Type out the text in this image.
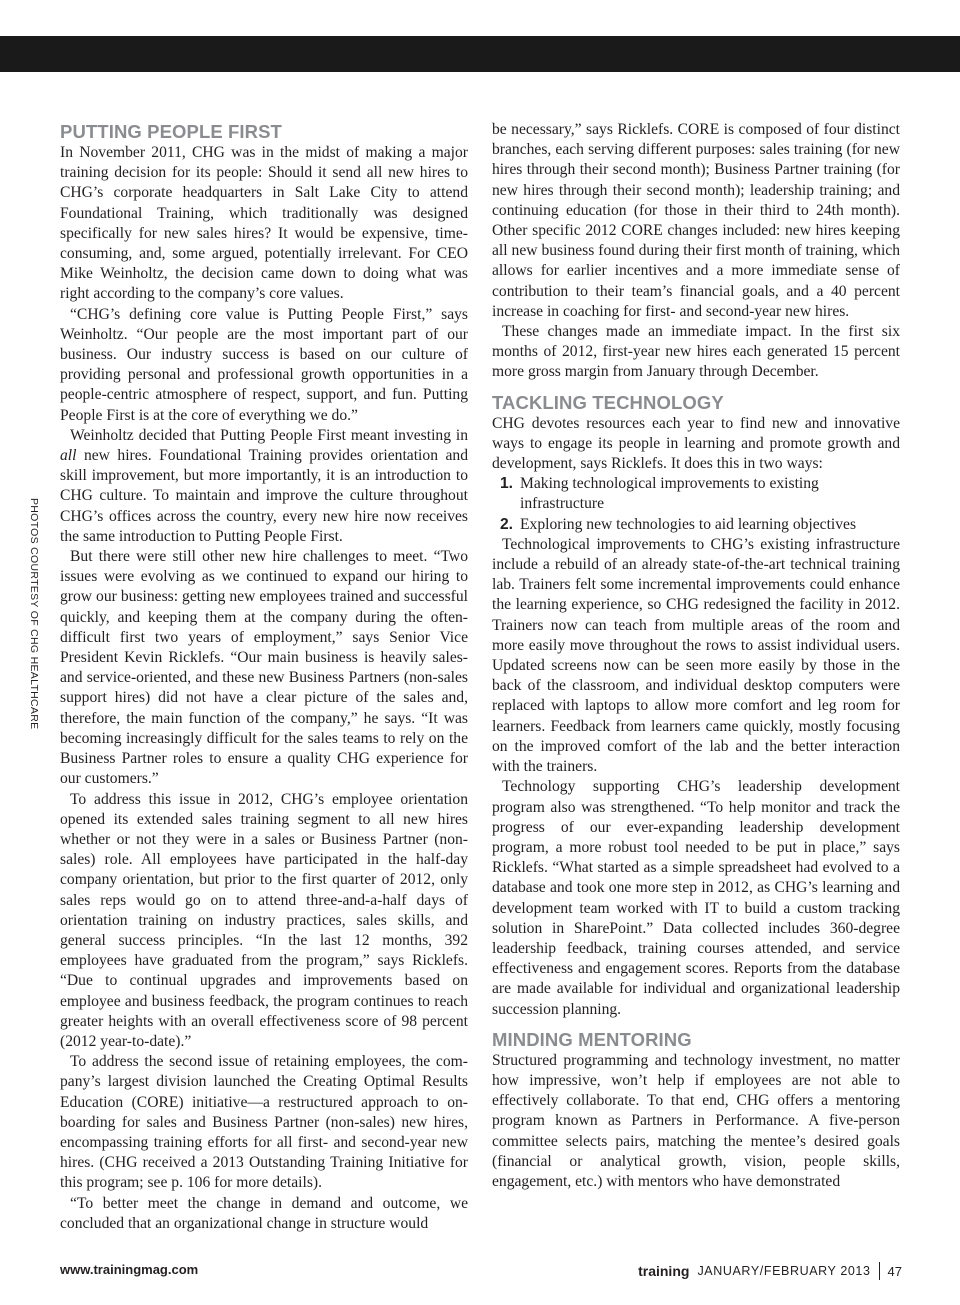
PHOTOS COURTESY OF CHG HEALTHCARE
PUTTING PEOPLE FIRST

In November 2011, CHG was in the midst of making a major training decision for its people: Should it send all new hires to CHG’s corporate headquarters in Salt Lake City to attend Foundational Training, which traditionally was designed specifically for new sales hires? It would be expensive, time-consuming, and, some argued, potentially irrelevant. For CEO Mike Weinholtz, the decision came down to doing what was right according to the company’s core values.

“CHG’s defining core value is Putting People First,” says Weinholtz. “Our people are the most important part of our business. Our industry success is based on our culture of providing personal and professional growth opportunities in a people-centric atmosphere of respect, support, and fun. Putting People First is at the core of everything we do.”

Weinholtz decided that Putting People First meant investing in all new hires. Foundational Training provides orientation and skill improvement, but more importantly, it is an introduction to CHG culture. To maintain and improve the culture throughout CHG’s offices across the country, every new hire now receives the same introduction to Putting People First.

But there were still other new hire challenges to meet. “Two issues were evolving as we continued to expand our hiring to grow our business: getting new employees trained and successful quickly, and keeping them at the company during the often-difficult first two years of employment,” says Senior Vice President Kevin Ricklefs. “Our main business is heavily sales- and service-oriented, and these new Business Partners (non-sales support hires) did not have a clear picture of the sales and, therefore, the main function of the company,” he says. “It was becoming increasingly difficult for the sales teams to rely on the Business Partner roles to ensure a quality CHG experience for our customers.”

To address this issue in 2012, CHG’s employee orientation opened its extended sales training segment to all new hires whether or not they were in a sales or Business Partner (non-sales) role. All employees have participated in the half-day company orientation, but prior to the first quarter of 2012, only sales reps would go on to attend three-and-a-half days of orientation training on industry practices, sales skills, and general success principles. “In the last 12 months, 392 employees have graduated from the program,” says Ricklefs. “Due to continual upgrades and improvements based on employee and business feedback, the program continues to reach greater heights with an overall effectiveness score of 98 percent (2012 year-to-date).”

To address the second issue of retaining employees, the company’s largest division launched the Creating Optimal Results Education (CORE) initiative—a restructured approach to onboarding for sales and Business Partner (non-sales) new hires, encompassing training efforts for all first- and second-year new hires. (CHG received a 2013 Outstanding Training Initiative for this program; see p. 106 for more details).

“To better meet the change in demand and outcome, we concluded that an organizational change in structure would

be necessary,” says Ricklefs. CORE is composed of four distinct branches, each serving different purposes: sales training (for new hires through their second month); Business Partner training (for new hires through their second month); leadership training; and continuing education (for those in their third to 24th month). Other specific 2012 CORE changes included: new hires keeping all new business found during their first month of training, which allows for earlier incentives and a more immediate sense of contribution to their team’s financial goals, and a 40 percent increase in coaching for first- and second-year new hires.

These changes made an immediate impact. In the first six months of 2012, first-year new hires each generated 15 percent more gross margin from January through December.

TACKLING TECHNOLOGY

CHG devotes resources each year to find new and innovative ways to engage its people in learning and promote growth and development, says Ricklefs. It does this in two ways:

1. Making technological improvements to existing infrastructure
2. Exploring new technologies to aid learning objectives

Technological improvements to CHG’s existing infrastructure include a rebuild of an already state-of-the-art technical training lab. Trainers felt some incremental improvements could enhance the learning experience, so CHG redesigned the facility in 2012. Trainers now can teach from multiple areas of the room and more easily move throughout the rows to assist individual users. Updated screens now can be seen more easily by those in the back of the classroom, and individual desktop computers were replaced with laptops to allow more comfort and leg room for learners. Feedback from learners came quickly, mostly focusing on the improved comfort of the lab and the better interaction with the trainers.

Technology supporting CHG’s leadership development program also was strengthened. “To help monitor and track the progress of our ever-expanding leadership development program, a more robust tool needed to be put in place,” says Ricklefs. “What started as a simple spreadsheet had evolved to a database and took one more step in 2012, as CHG’s learning and development team worked with IT to build a custom tracking solution in SharePoint.” Data collected includes 360-degree leadership feedback, training courses attended, and service effectiveness and engagement scores. Reports from the database are made available for individual and organizational leadership succession planning.

MINDING MENTORING

Structured programming and technology investment, no matter how impressive, won’t help if employees are not able to effectively collaborate. To that end, CHG offers a mentoring program known as Partners in Performance. A five-person committee selects pairs, matching the mentee’s desired goals (financial or analytical growth, vision, people skills, engagement, etc.) with mentors who have demonstrated

www.trainingmag.com	training JANUARY/FEBRUARY 2013 47
